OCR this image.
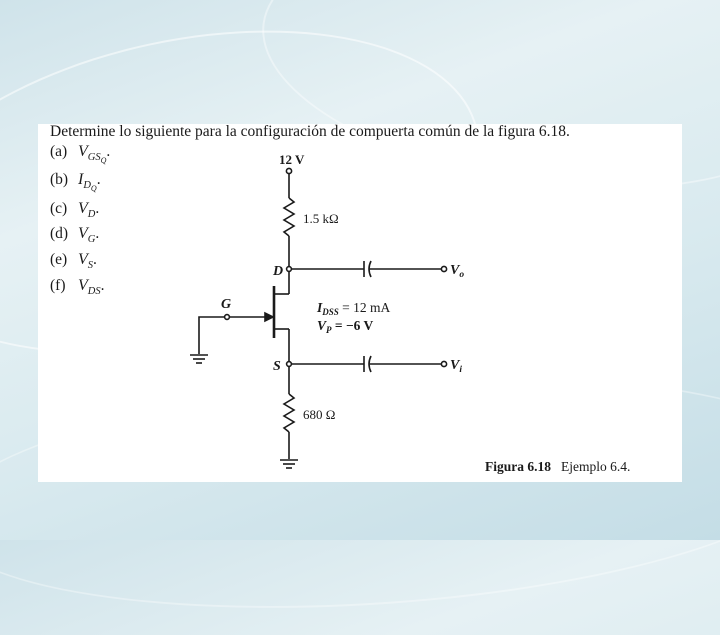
Determine lo siguiente para la configuración de compuerta común de la figura 6.18.
(a) $V_{GS_Q}$.
(b) $I_{D_Q}$.
(c) $V_D$.
(d) $V_G$.
(e) $V_S$.
(f) $V_{DS}$.
12 V
1.5 kΩ
680 Ω
D
G
S
$V_o$
$V_i$
$I_{DSS} = 12$ mA
$V_P = -6$ V
Figura 6.18 Ejemplo 6.4.
